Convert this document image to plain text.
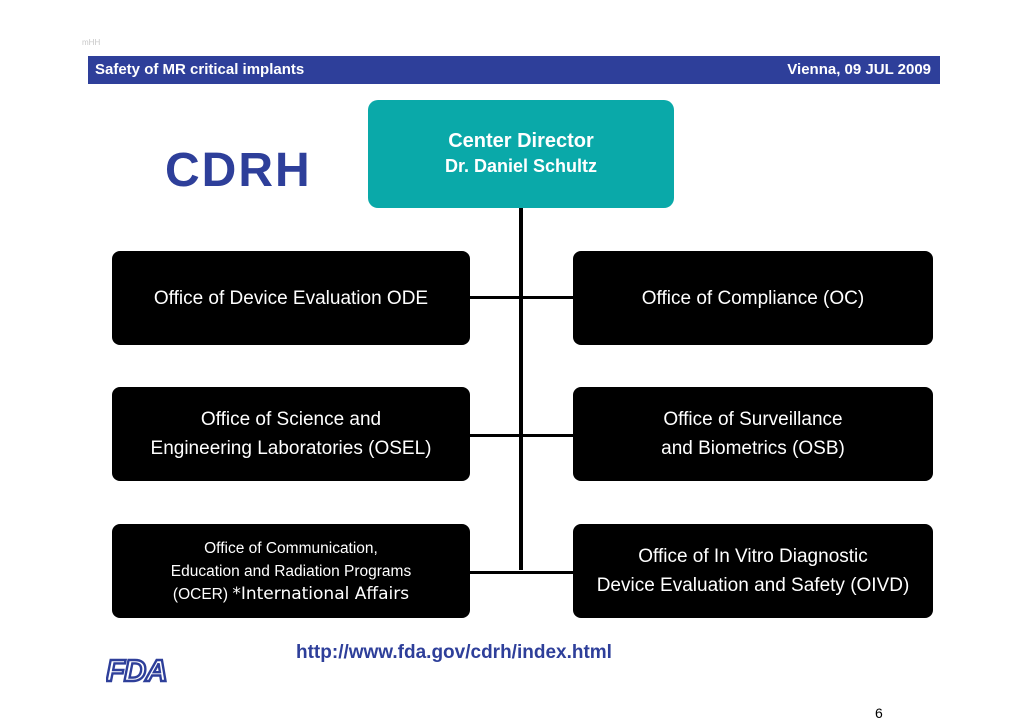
mHH
Safety of MR critical implants	Vienna, 09 JUL 2009
CDRH
Center Director
Dr. Daniel Schultz
Office of Device Evaluation ODE
Office of Science and
Engineering Laboratories (OSEL)
Office of Communication,
Education and Radiation Programs
(OCER) *International Affairs
Office of Compliance (OC)
Office of Surveillance
and Biometrics (OSB)
Office of In Vitro Diagnostic
Device Evaluation and Safety (OIVD)
http://www.fda.gov/cdrh/index.html
FDA
6
